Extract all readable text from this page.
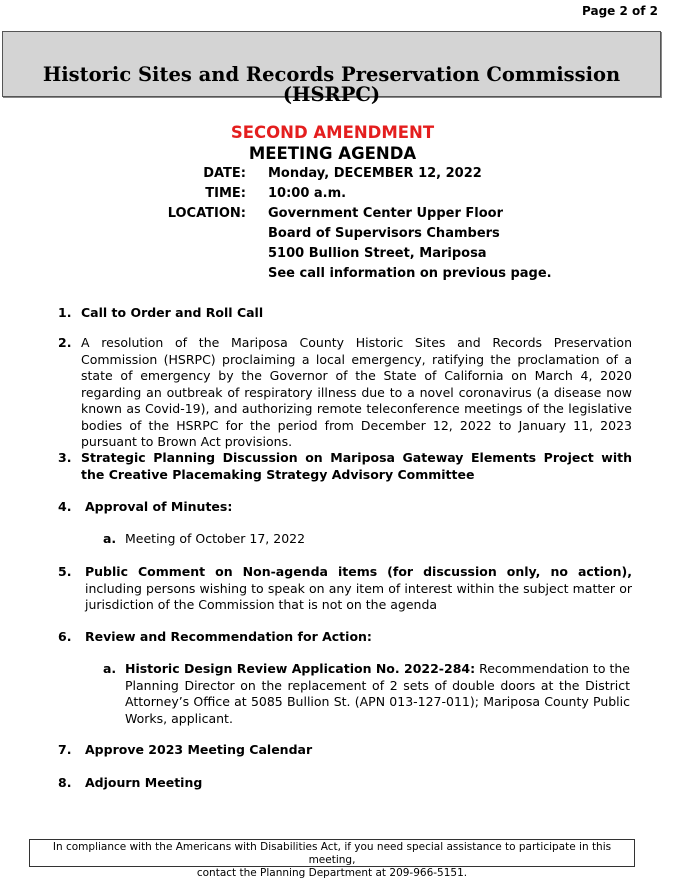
Page 2 of 2
Historic Sites and Records Preservation Commission (HSRPC)
SECOND AMENDMENT
MEETING AGENDA
DATE:
TIME:
LOCATION:
Monday, DECEMBER 12, 2022
10:00 a.m.
Government Center Upper Floor
Board of Supervisors Chambers
5100 Bullion Street, Mariposa
See call information on previous page.
1. Call to Order and Roll Call
2. A resolution of the Mariposa County Historic Sites and Records Preservation Commission (HSRPC) proclaiming a local emergency, ratifying the proclamation of a state of emergency by the Governor of the State of California on March 4, 2020 regarding an outbreak of respiratory illness due to a novel coronavirus (a disease now known as Covid-19), and authorizing remote teleconference meetings of the legislative bodies of the HSRPC for the period from December 12, 2022 to January 11, 2023 pursuant to Brown Act provisions.
3. Strategic Planning Discussion on Mariposa Gateway Elements Project with the Creative Placemaking Strategy Advisory Committee
4. Approval of Minutes:
a. Meeting of October 17, 2022
5. Public Comment on Non-agenda items (for discussion only, no action), including persons wishing to speak on any item of interest within the subject matter or jurisdiction of the Commission that is not on the agenda
6. Review and Recommendation for Action:
a. Historic Design Review Application No. 2022-284: Recommendation to the Planning Director on the replacement of 2 sets of double doors at the District Attorney’s Office at 5085 Bullion St. (APN 013-127-011); Mariposa County Public Works, applicant.
7. Approve 2023 Meeting Calendar
8. Adjourn Meeting
In compliance with the Americans with Disabilities Act, if you need special assistance to participate in this meeting,
contact the Planning Department at 209-966-5151.
